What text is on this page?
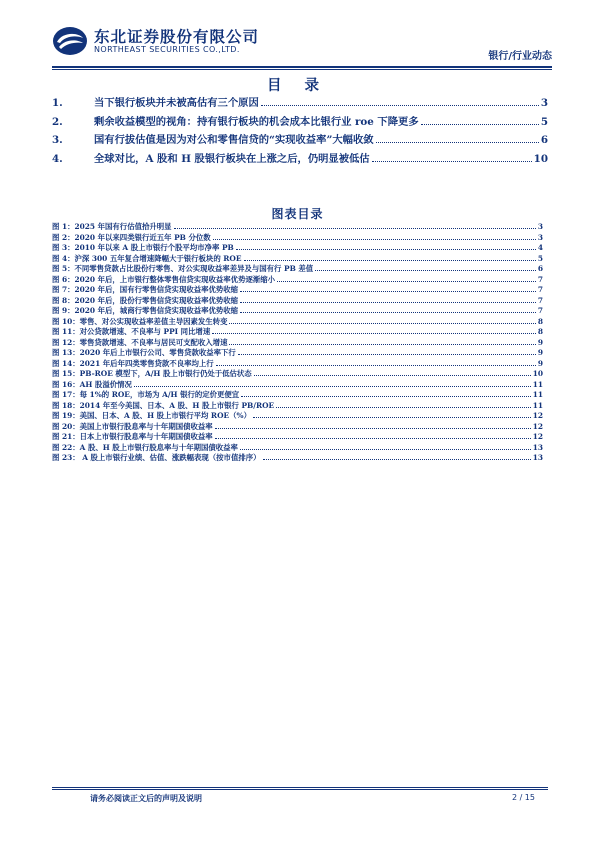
东北证券股份有限公司
NORTHEAST SECURITIES CO.,LTD.
银行/行业动态
目 录
1.	当下银行板块并未被高估有三个原因	3
2.	剩余收益模型的视角：持有银行板块的机会成本比银行业 roe 下降更多	5
3.	国有行拔估值是因为对公和零售信贷的“实现收益率”大幅收敛	6
4.	全球对比，A 股和 H 股银行板块在上涨之后，仍明显被低估	10
图表目录
图 1：2025 年国有行估值拾升明显	3
图 2：2020 年以来四类银行近五年 PB 分位数	3
图 3：2010 年以来 A 股上市银行个股平均市净率 PB	4
图 4：沪深 300 五年复合增速降幅大于银行板块的 ROE	5
图 5：不同零售贷款占比股份行零售、对公实现收益率差异及与国有行 PB 差值	6
图 6：2020 年后，上市银行整体零售信贷实现收益率优势逐渐缩小	7
图 7：2020 年后，国有行零售信贷实现收益率优势收缩	7
图 8：2020 年后，股份行零售信贷实现收益率优势收缩	7
图 9：2020 年后，城商行零售信贷实现收益率优势收缩	7
图 10：零售、对公实现收益率差值主导因素发生转变	8
图 11：对公贷款增速、不良率与 PPI 同比增速	8
图 12：零售贷款增速、不良率与居民可支配收入增速	9
图 13：2020 年后上市银行公司、零售贷款收益率下行	9
图 14：2021 年后年四类零售贷款不良率均上行	9
图 15：PB-ROE 模型下，A/H 股上市银行仍处于低估状态	10
图 16：AH 股溢价情况	11
图 17：每 1%的 ROE，市场为 A/H 银行的定价更便宜	11
图 18：2014 年至今美国、日本、A 股、H 股上市银行 PB/ROE	11
图 19：美国、日本、A 股、H 股上市银行平均 ROE（%）	12
图 20：美国上市银行股息率与十年期国债收益率	12
图 21：日本上市银行股息率与十年期国债收益率	12
图 22：A 股、H 股上市银行股息率与十年期国债收益率	13
图 23： A 股上市银行业绩、估值、涨跌幅表现（按市值排序）	13
请务必阅读正文后的声明及说明	2 / 15
